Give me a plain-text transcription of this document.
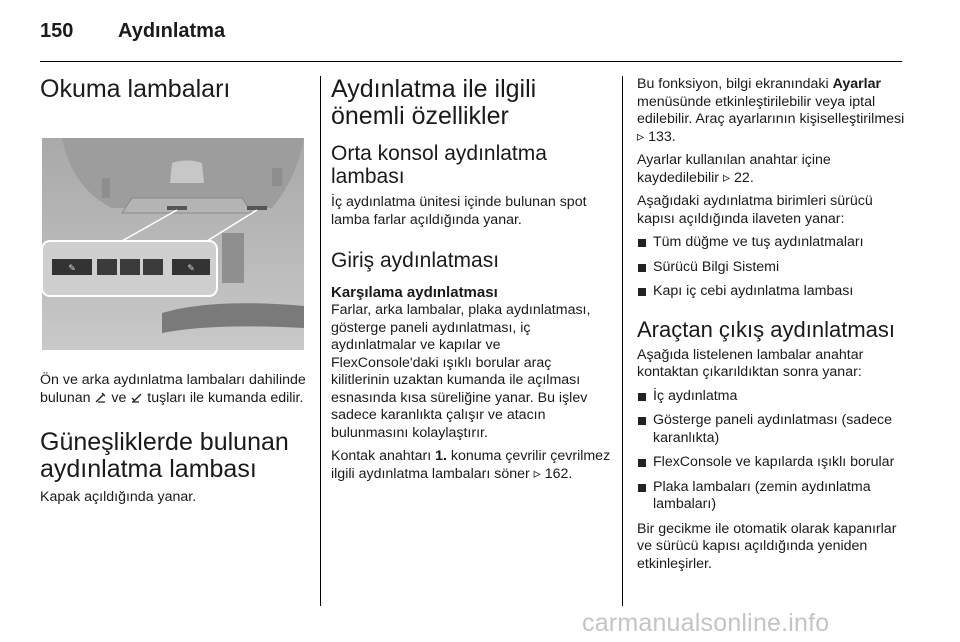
150 Aydınlatma
Okuma lambaları
✎	✎

Ön ve arka aydınlatma lambaları dahilinde bulunan ve tuşları ile kumanda edilir.

Güneşliklerde bulunan aydınlatma lambası

Kapak açıldığında yanar.

Aydınlatma ile ilgili önemli özellikler
Orta konsol aydınlatma lambası

İç aydınlatma ünitesi içinde bulunan spot lamba farlar açıldığında yanar.

Giriş aydınlatması
Karşılama aydınlatması

Farlar, arka lambalar, plaka aydınlatması, gösterge paneli aydınlatması, iç aydınlatmalar ve kapılar ve FlexConsole'daki ışıklı borular araç kilitlerinin uzaktan kumanda ile açılması esnasında kısa süreliğine yanar. Bu işlev sadece karanlıkta çalışır ve atacın bulunmasını kolaylaştırır.

Kontak anahtarı 1. konuma çevrilir çevrilmez ilgili aydınlatma lambaları söner ▹ 162.

Bu fonksiyon, bilgi ekranındaki Ayarlar menüsünde etkinleştirilebilir veya iptal edilebilir. Araç ayarlarının kişiselleştirilmesi ▹ 133.

Ayarlar kullanılan anahtar içine kaydedilebilir ▹ 22.

Aşağıdaki aydınlatma birimleri sürücü kapısı açıldığında ilaveten yanar:

Tüm düğme ve tuş aydınlatmaları
Sürücü Bilgi Sistemi
Kapı iç cebi aydınlatma lambası
Araçtan çıkış aydınlatması

Aşağıda listelenen lambalar anahtar kontaktan çıkarıldıktan sonra yanar:

İç aydınlatma
Gösterge paneli aydınlatması (sadece karanlıkta)
FlexConsole ve kapılarda ışıklı borular
Plaka lambaları (zemin aydınlatma lambaları)

Bir gecikme ile otomatik olarak kapanırlar ve sürücü kapısı açıldığında yeniden etkinleşirler.

carmanualsonline.info
